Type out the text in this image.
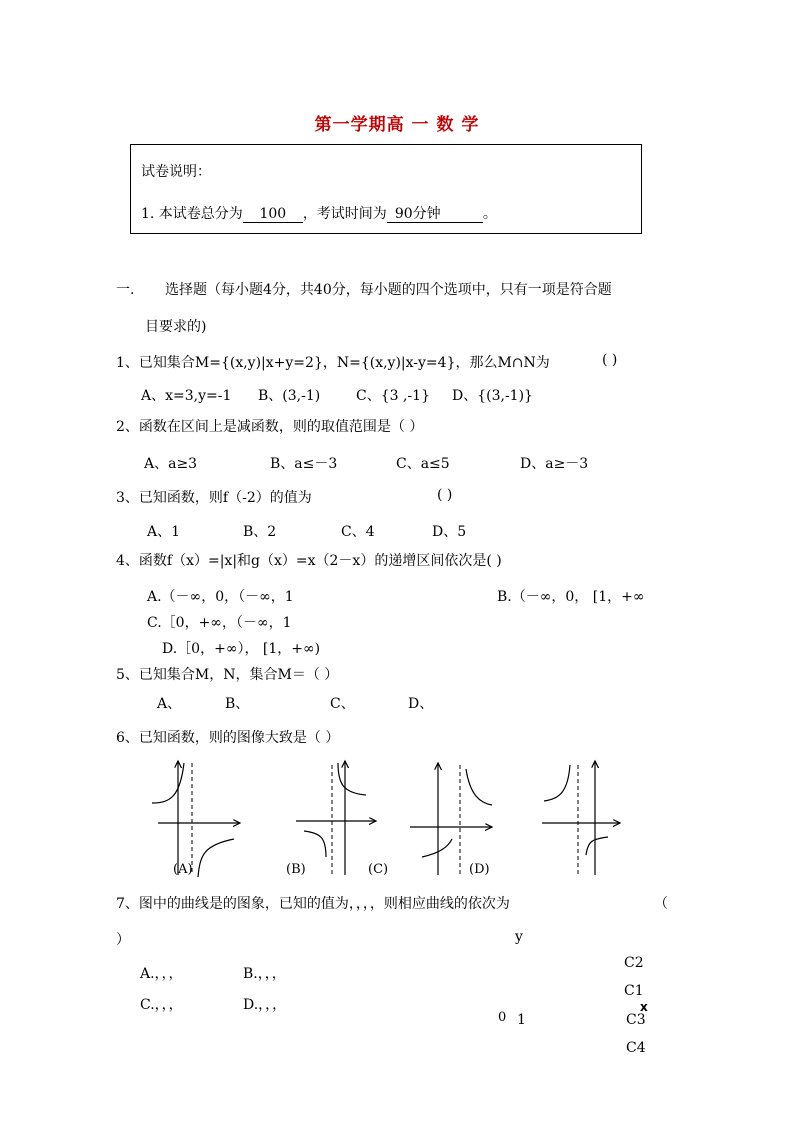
第一学期高 一 数 学
试卷说明：
1. 本试卷总分为 100 ，考试时间为 90分钟	。
一. 选择题（每小题4分，共40分，每小题的四个选项中，只有一项是符合题
目要求的)
1、已知集合M={(x,y)|x+y=2}，N={(x,y)|x-y=4}，那么M∩N为	( )
A、x=3,y=-1 B、(3,-1)	C、{3 ,-1} D、{(3,-1)}
2、函数在区间上是减函数，则的取值范围是（ ）
A、a≥3	B、a≤－3	C、a≤5	D、a≥－3
3、已知函数，则f（-2）的值为	( )
A、1	B、2	C、4	D、5
4、函数f（x）=|x|和g（x）=x（2－x）的递增区间依次是( )
A.（－∞，0，（－∞，1	B.（－∞，0， [1，+∞
C.［0，+∞，（－∞，1
D.［0，+∞）， [1，+∞)
5、已知集合M，N，集合M＝（ ）
A、	B、	C、	D、
6、已知函数，则的图像大致是（ ）
(A)	(B)	(C)	(D)
7、图中的曲线是的图象，已知的值为，，，，则相应曲线的依次为	（
）
A.，，，	B.，，，
C.，，，	D.，，，
y
0 1
C2
C1
C3
x
C4
